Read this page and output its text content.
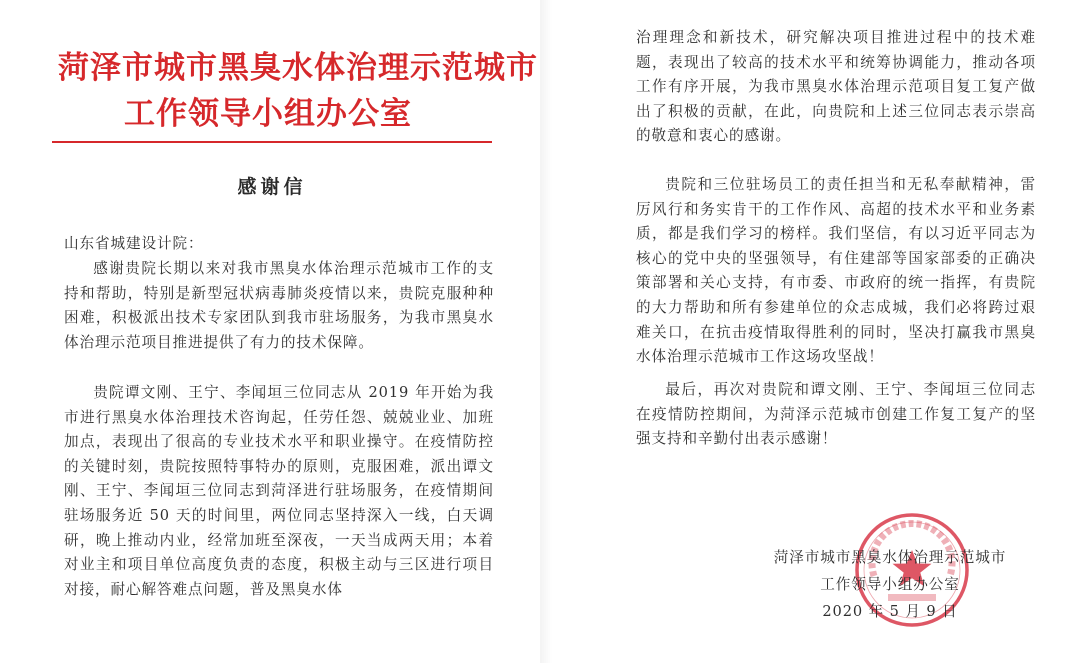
菏泽市城市黑臭水体治理示范城市
工作领导小组办公室
感谢信

山东省城建设计院：

感谢贵院长期以来对我市黑臭水体治理示范城市工作的支持和帮助，特别是新型冠状病毒肺炎疫情以来，贵院克服种种困难，积极派出技术专家团队到我市驻场服务，为我市黑臭水体治理示范项目推进提供了有力的技术保障。

贵院谭文刚、王宁、李闻垣三位同志从 2019 年开始为我市进行黑臭水体治理技术咨询起，任劳任怨、兢兢业业、加班加点，表现出了很高的专业技术水平和职业操守。在疫情防控的关键时刻，贵院按照特事特办的原则，克服困难，派出谭文刚、王宁、李闻垣三位同志到菏泽进行驻场服务，在疫情期间驻场服务近 50 天的时间里，两位同志坚持深入一线，白天调研，晚上推动内业，经常加班至深夜，一天当成两天用；本着对业主和项目单位高度负责的态度，积极主动与三区进行项目对接，耐心解答难点问题，普及黑臭水体

治理理念和新技术，研究解决项目推进过程中的技术难题，表现出了较高的技术水平和统筹协调能力，推动各项工作有序开展，为我市黑臭水体治理示范项目复工复产做出了积极的贡献，在此，向贵院和上述三位同志表示崇高的敬意和衷心的感谢。

贵院和三位驻场员工的责任担当和无私奉献精神，雷厉风行和务实肯干的工作作风、高超的技术水平和业务素质，都是我们学习的榜样。我们坚信，有以习近平同志为核心的党中央的坚强领导，有住建部等国家部委的正确决策部署和关心支持，有市委、市政府的统一指挥，有贵院的大力帮助和所有参建单位的众志成城，我们必将跨过艰难关口，在抗击疫情取得胜利的同时，坚决打赢我市黑臭水体治理示范城市工作这场攻坚战！

最后，再次对贵院和谭文刚、王宁、李闻垣三位同志在疫情防控期间，为菏泽示范城市创建工作复工复产的坚强支持和辛勤付出表示感谢！

菏泽市城市黑臭水体治理示范城市
工作领导小组办公室
2020 年 5 月 9 日
